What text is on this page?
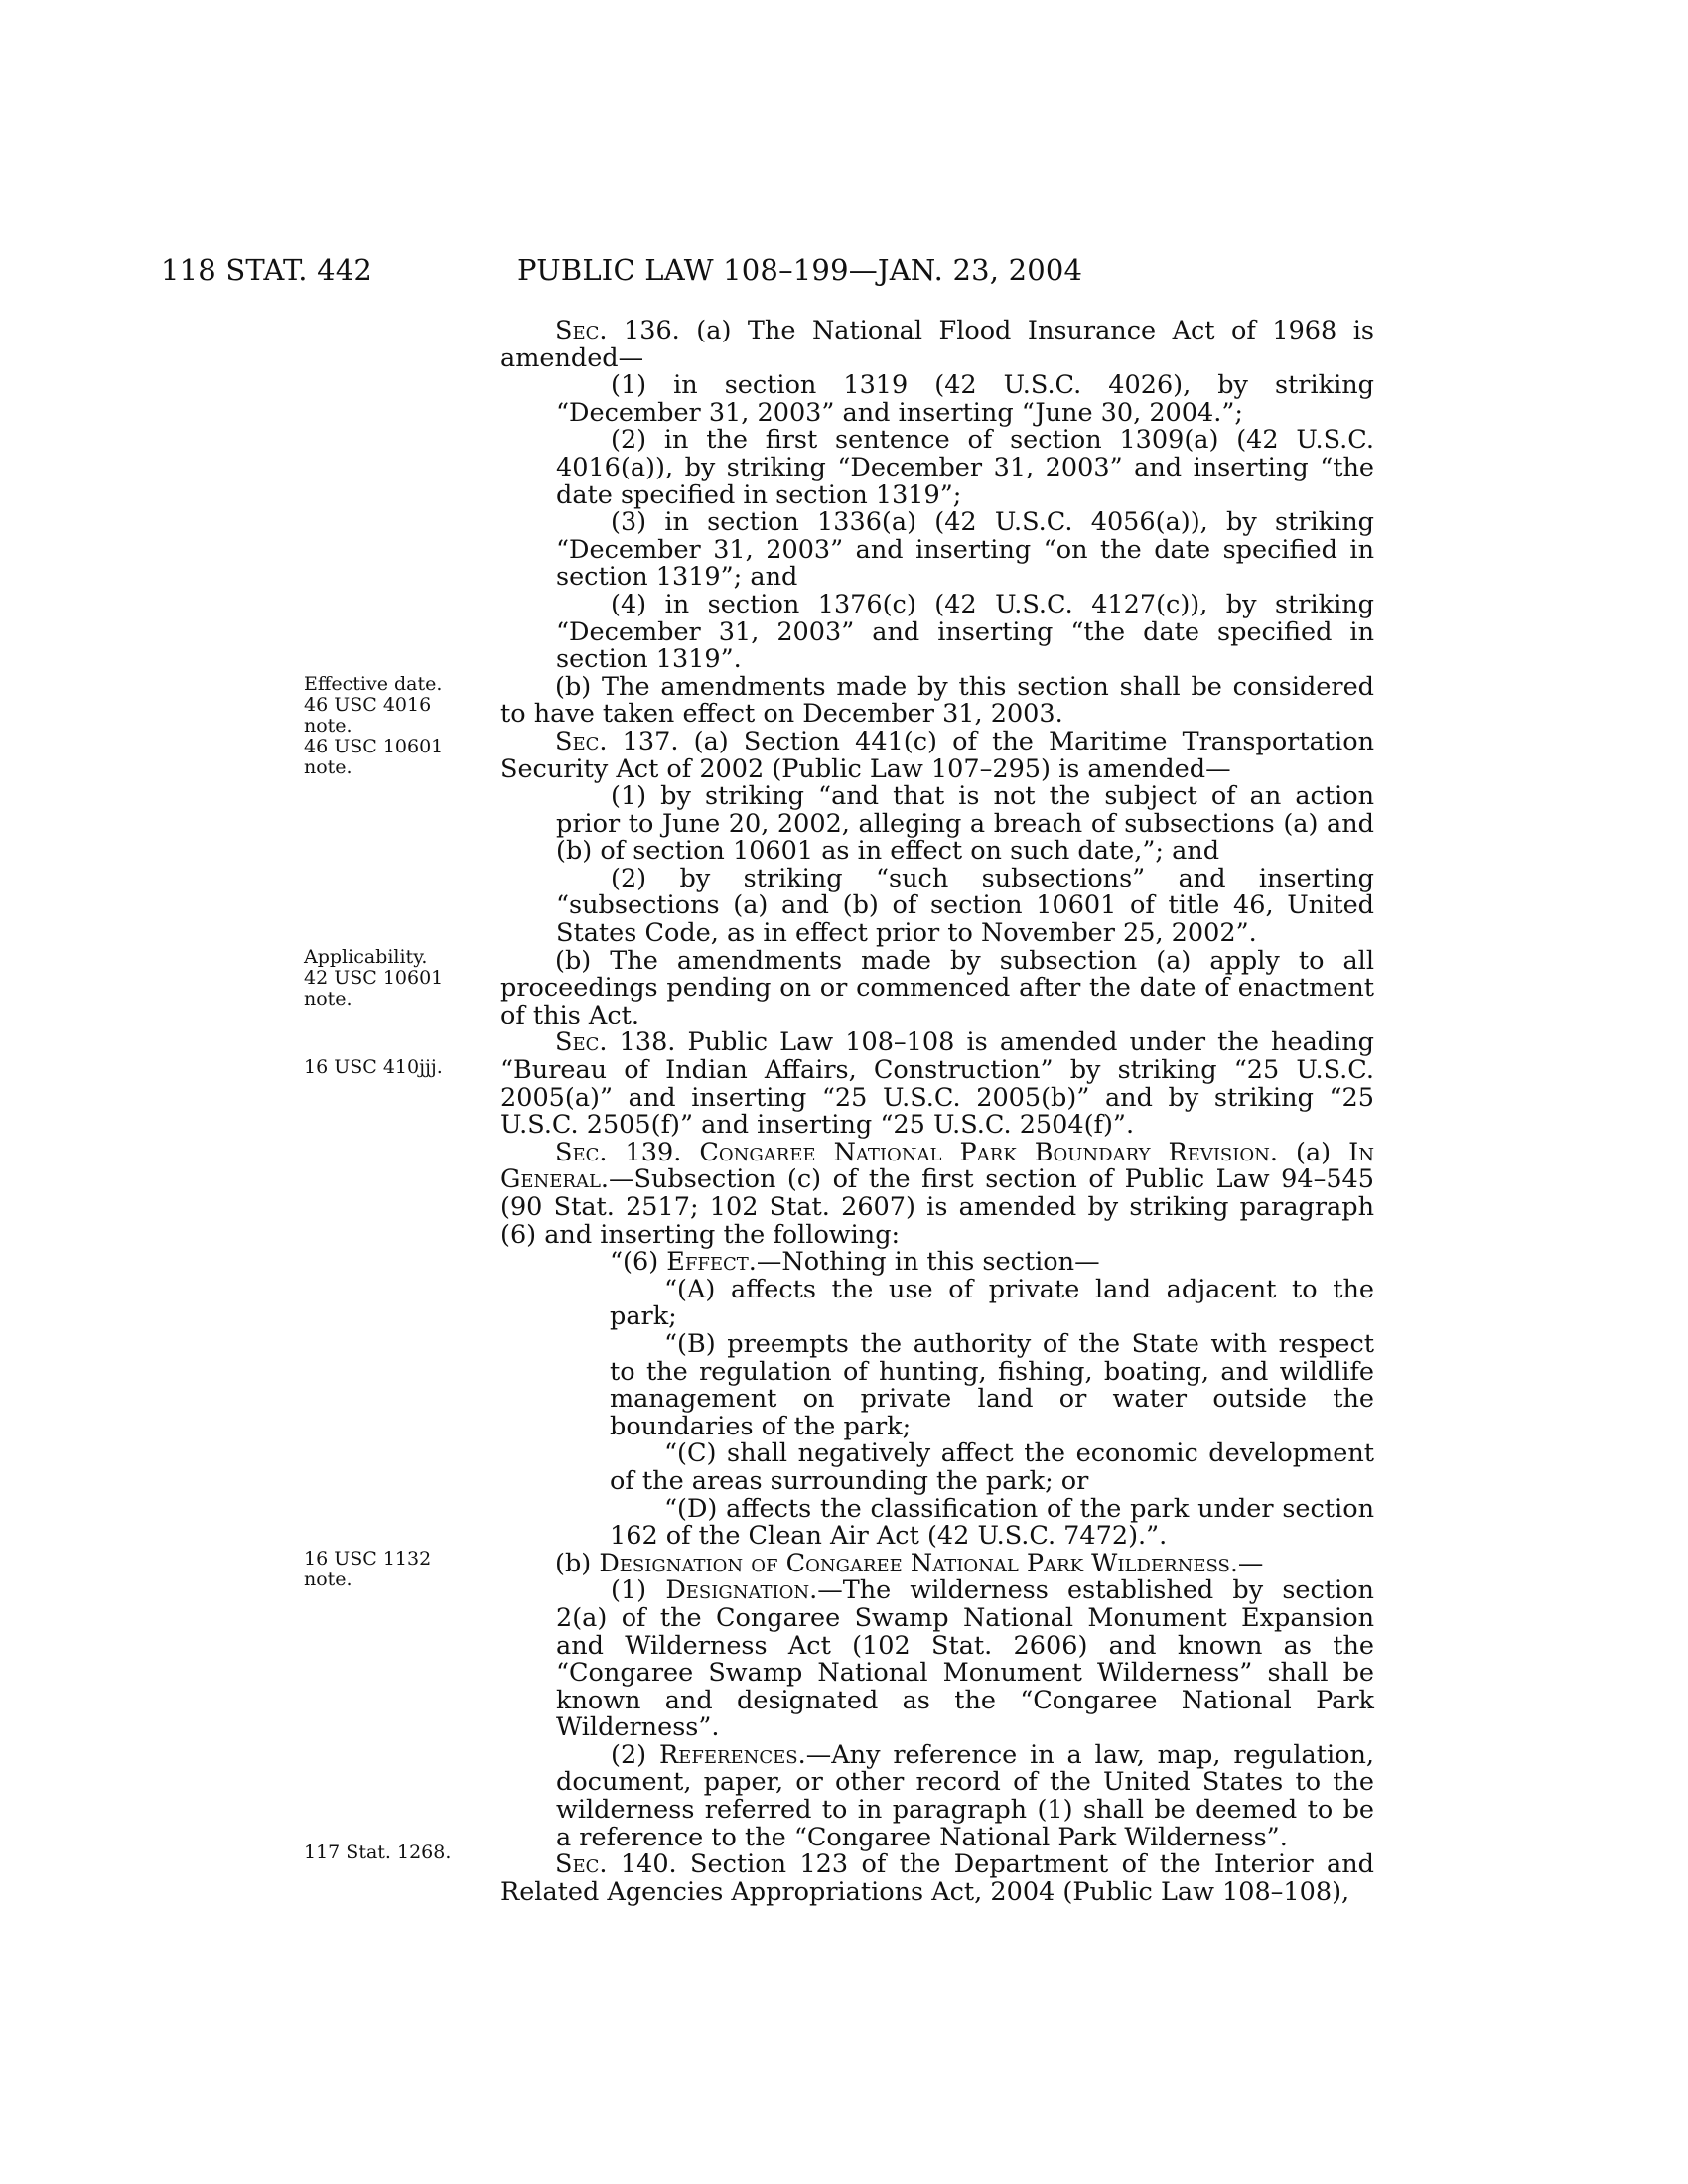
118 STAT. 442	PUBLIC LAW 108–199—JAN. 23, 2004
Effective date.
46 USC 4016
note.
46 USC 10601
note.
Applicability.
42 USC 10601
note.
16 USC 410jjj.
16 USC 1132
note.
117 Stat. 1268.

Sec. 136. (a) The National Flood Insurance Act of 1968 is amended—

(1) in section 1319 (42 U.S.C. 4026), by striking “December 31, 2003” and inserting “June 30, 2004.”;

(2) in the first sentence of section 1309(a) (42 U.S.C. 4016(a)), by striking “December 31, 2003” and inserting “the date specified in section 1319”;

(3) in section 1336(a) (42 U.S.C. 4056(a)), by striking “December 31, 2003” and inserting “on the date specified in section 1319”; and

(4) in section 1376(c) (42 U.S.C. 4127(c)), by striking “December 31, 2003” and inserting “the date specified in section 1319”.

(b) The amendments made by this section shall be considered to have taken effect on December 31, 2003.

Sec. 137. (a) Section 441(c) of the Maritime Transportation Security Act of 2002 (Public Law 107–295) is amended—

(1) by striking “and that is not the subject of an action prior to June 20, 2002, alleging a breach of subsections (a) and (b) of section 10601 as in effect on such date,”; and

(2) by striking “such subsections” and inserting “subsections (a) and (b) of section 10601 of title 46, United States Code, as in effect prior to November 25, 2002”.

(b) The amendments made by subsection (a) apply to all proceedings pending on or commenced after the date of enactment of this Act.

Sec. 138. Public Law 108–108 is amended under the heading “Bureau of Indian Affairs, Construction” by striking “25 U.S.C. 2005(a)” and inserting “25 U.S.C. 2005(b)” and by striking “25 U.S.C. 2505(f)” and inserting “25 U.S.C. 2504(f)”.

Sec. 139. Congaree National Park Boundary Revision. (a) In General.—Subsection (c) of the first section of Public Law 94–545 (90 Stat. 2517; 102 Stat. 2607) is amended by striking paragraph (6) and inserting the following:

“(6) Effect.—Nothing in this section—

“(A) affects the use of private land adjacent to the park;

“(B) preempts the authority of the State with respect to the regulation of hunting, fishing, boating, and wildlife management on private land or water outside the boundaries of the park;

“(C) shall negatively affect the economic development of the areas surrounding the park; or

“(D) affects the classification of the park under section 162 of the Clean Air Act (42 U.S.C. 7472).”.

(b) Designation of Congaree National Park Wilderness.—

(1) Designation.—The wilderness established by section 2(a) of the Congaree Swamp National Monument Expansion and Wilderness Act (102 Stat. 2606) and known as the “Congaree Swamp National Monument Wilderness” shall be known and designated as the “Congaree National Park Wilderness”.

(2) References.—Any reference in a law, map, regulation, document, paper, or other record of the United States to the wilderness referred to in paragraph (1) shall be deemed to be a reference to the “Congaree National Park Wilderness”.

Sec. 140. Section 123 of the Department of the Interior and Related Agencies Appropriations Act, 2004 (Public Law 108–108),
